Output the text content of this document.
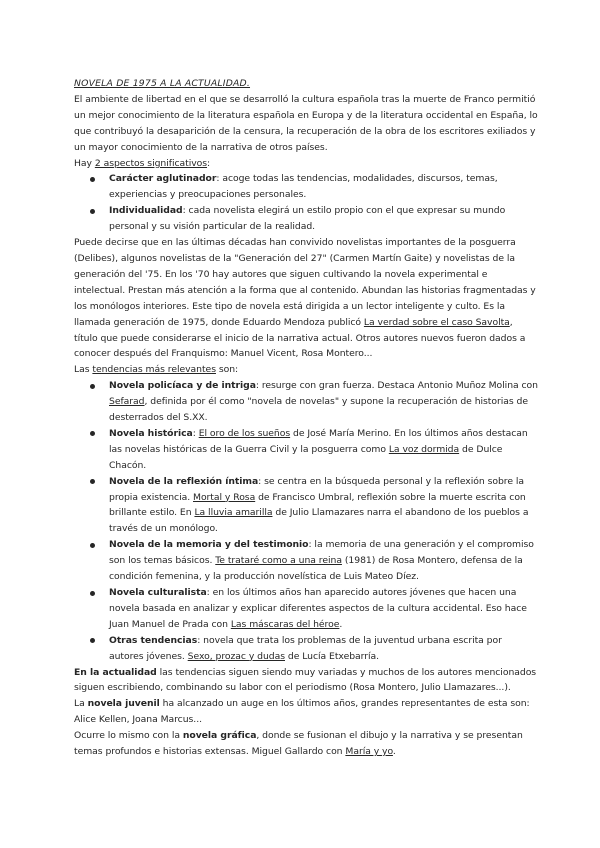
NOVELA DE 1975 A LA ACTUALIDAD.

El ambiente de libertad en el que se desarrolló la cultura española tras la muerte de Franco permitió un mejor conocimiento de la literatura española en Europa y de la literatura occidental en España, lo que contribuyó la desaparición de la censura, la recuperación de la obra de los escritores exiliados y un mayor conocimiento de la narrativa de otros países.

Hay 2 aspectos significativos:

Carácter aglutinador: acoge todas las tendencias, modalidades, discursos, temas, experiencias y preocupaciones personales.
Individualidad: cada novelista elegirá un estilo propio con el que expresar su mundo personal y su visión particular de la realidad.

Puede decirse que en las últimas décadas han convivido novelistas importantes de la posguerra (Delibes), algunos novelistas de la "Generación del 27" (Carmen Martín Gaite) y novelistas de la generación del '75. En los '70 hay autores que siguen cultivando la novela experimental e intelectual. Prestan más atención a la forma que al contenido. Abundan las historias fragmentadas y los monólogos interiores. Este tipo de novela está dirigida a un lector inteligente y culto. Es la llamada generación de 1975, donde Eduardo Mendoza publicó La verdad sobre el caso Savolta, título que puede considerarse el inicio de la narrativa actual. Otros autores nuevos fueron dados a conocer después del Franquismo: Manuel Vicent, Rosa Montero...

Las tendencias más relevantes son:

Novela policíaca y de intriga: resurge con gran fuerza. Destaca Antonio Muñoz Molina con Sefarad, definida por él como "novela de novelas" y supone la recuperación de historias de desterrados del S.XX.
Novela histórica: El oro de los sueños de José María Merino. En los últimos años destacan las novelas históricas de la Guerra Civil y la posguerra como La voz dormida de Dulce Chacón.
Novela de la reflexión íntima: se centra en la búsqueda personal y la reflexión sobre la propia existencia. Mortal y Rosa de Francisco Umbral, reflexión sobre la muerte escrita con brillante estilo. En La lluvia amarilla de Julio Llamazares narra el abandono de los pueblos a través de un monólogo.
Novela de la memoria y del testimonio: la memoria de una generación y el compromiso son los temas básicos. Te trataré como a una reina (1981) de Rosa Montero, defensa de la condición femenina, y la producción novelística de Luis Mateo Díez.
Novela culturalista: en los últimos años han aparecido autores jóvenes que hacen una novela basada en analizar y explicar diferentes aspectos de la cultura accidental. Eso hace Juan Manuel de Prada con Las máscaras del héroe.
Otras tendencias: novela que trata los problemas de la juventud urbana escrita por autores jóvenes. Sexo, prozac y dudas de Lucía Etxebarría.

En la actualidad las tendencias siguen siendo muy variadas y muchos de los autores mencionados siguen escribiendo, combinando su labor con el periodismo (Rosa Montero, Julio Llamazares...).

La novela juvenil ha alcanzado un auge en los últimos años, grandes representantes de esta son: Alice Kellen, Joana Marcus...

Ocurre lo mismo con la novela gráfica, donde se fusionan el dibujo y la narrativa y se presentan temas profundos e historias extensas. Miguel Gallardo con María y yo.
